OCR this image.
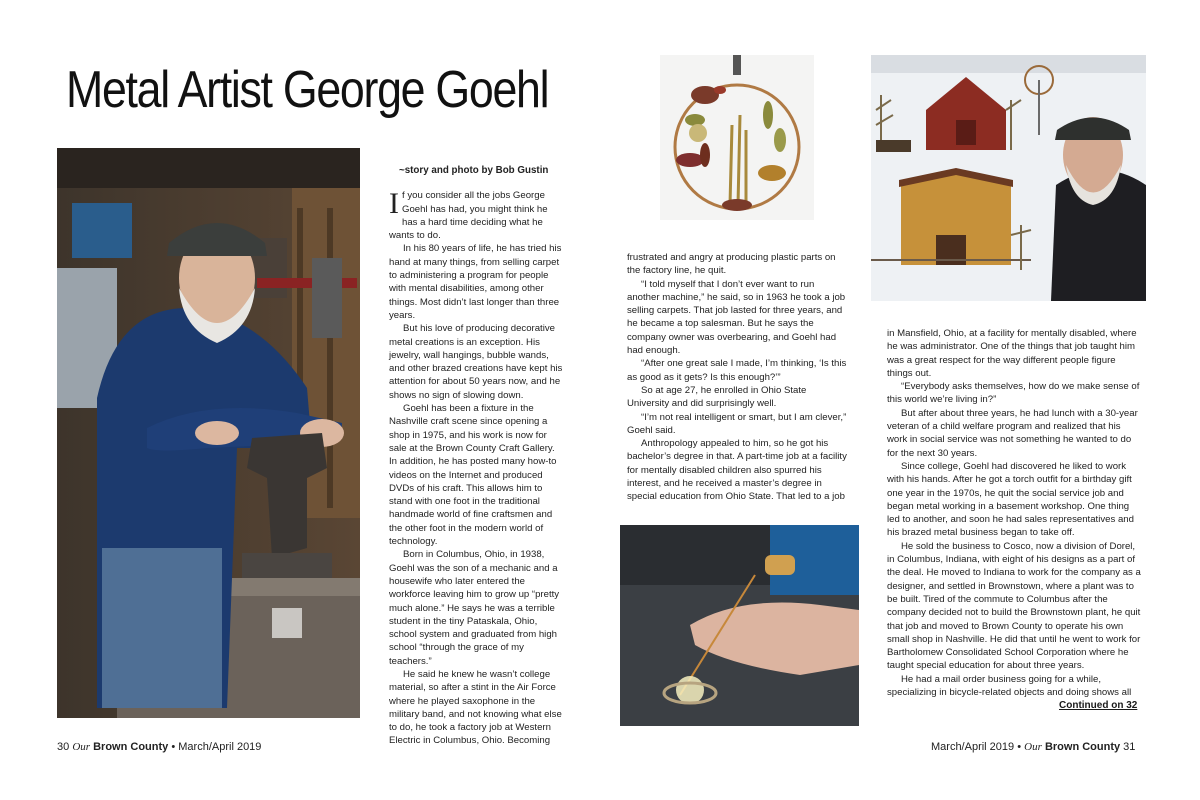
Metal Artist George Goehl

~story and photo by Bob Gustin

If you consider all the jobs George Goehl has had, you might think he has a hard time deciding what he wants to do.

In his 80 years of life, he has tried his hand at many things, from selling carpet to administering a program for people with mental disabilities, among other things. Most didn’t last longer than three years.

But his love of producing decorative metal creations is an exception. His jewelry, wall hangings, bubble wands, and other brazed creations have kept his attention for about 50 years now, and he shows no sign of slowing down.

Goehl has been a fixture in the Nashville craft scene since opening a shop in 1975, and his work is now for sale at the Brown County Craft Gallery. In addition, he has posted many how-to videos on the Internet and produced DVDs of his craft. This allows him to stand with one foot in the traditional handmade world of fine craftsmen and the other foot in the modern world of technology.

Born in Columbus, Ohio, in 1938, Goehl was the son of a mechanic and a housewife who later entered the workforce leaving him to grow up “pretty much alone.” He says he was a terrible student in the tiny Pataskala, Ohio, school system and graduated from high school “through the grace of my teachers.”

He said he knew he wasn’t college material, so after a stint in the Air Force where he played saxophone in the military band, and not knowing what else to do, he took a factory job at Western Electric in Columbus, Ohio. Becoming

frustrated and angry at producing plastic parts on the factory line, he quit.

“I told myself that I don’t ever want to run another machine,” he said, so in 1963 he took a job selling carpets. That job lasted for three years, and he became a top salesman. But he says the company owner was overbearing, and Goehl had had enough.

“After one great sale I made, I’m thinking, ‘Is this as good as it gets? Is this enough?’”

So at age 27, he enrolled in Ohio State University and did surprisingly well.

“I’m not real intelligent or smart, but I am clever,” Goehl said.

Anthropology appealed to him, so he got his bachelor’s degree in that. A part-time job at a facility for mentally disabled children also spurred his interest, and he received a master’s degree in special education from Ohio State. That led to a job

in Mansfield, Ohio, at a facility for mentally disabled, where he was administrator. One of the things that job taught him was a great respect for the way different people figure things out.

“Everybody asks themselves, how do we make sense of this world we’re living in?”

But after about three years, he had lunch with a 30-year veteran of a child welfare program and realized that his work in social service was not something he wanted to do for the next 30 years.

Since college, Goehl had discovered he liked to work with his hands. After he got a torch outfit for a birthday gift one year in the 1970s, he quit the social service job and began metal working in a basement workshop. One thing led to another, and soon he had sales representatives and his brazed metal business began to take off.

He sold the business to Cosco, now a division of Dorel, in Columbus, Indiana, with eight of his designs as a part of the deal. He moved to Indiana to work for the company as a designer, and settled in Brownstown, where a plant was to be built. Tired of the commute to Columbus after the company decided not to build the Brownstown plant, he quit that job and moved to Brown County to operate his own small shop in Nashville. He did that until he went to work for Bartholomew Consolidated School Corporation where he taught special education for about three years.

He had a mail order business going for a while, specializing in bicycle-related objects and doing shows all

Continued on 32
30 Our Brown County • March/April 2019	March/April 2019 • Our Brown County 31
